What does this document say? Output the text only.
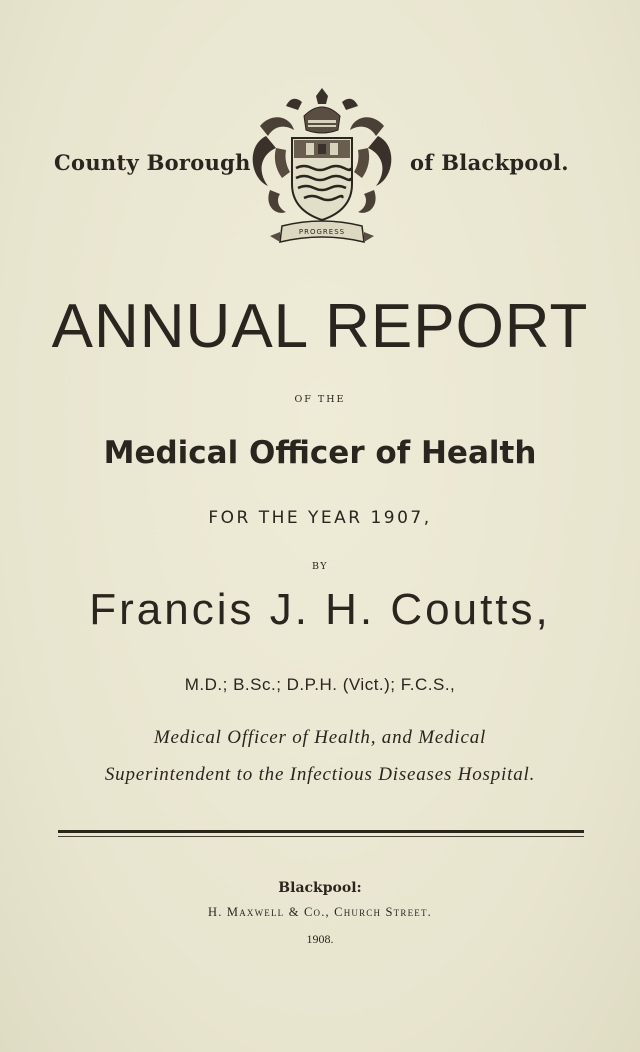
County Borough
PROGRESS
of Blackpool.
ANNUAL REPORT
OF THE
Medical Officer of Health
FOR THE YEAR 1907,
BY
Francis J. H. Coutts,
M.D.; B.Sc.; D.P.H. (Vict.); F.C.S.,
Medical Officer of Health, and Medical
Superintendent to the Infectious Diseases Hospital.
Blackpool:
H. Maxwell & Co., Church Street.
1908.
